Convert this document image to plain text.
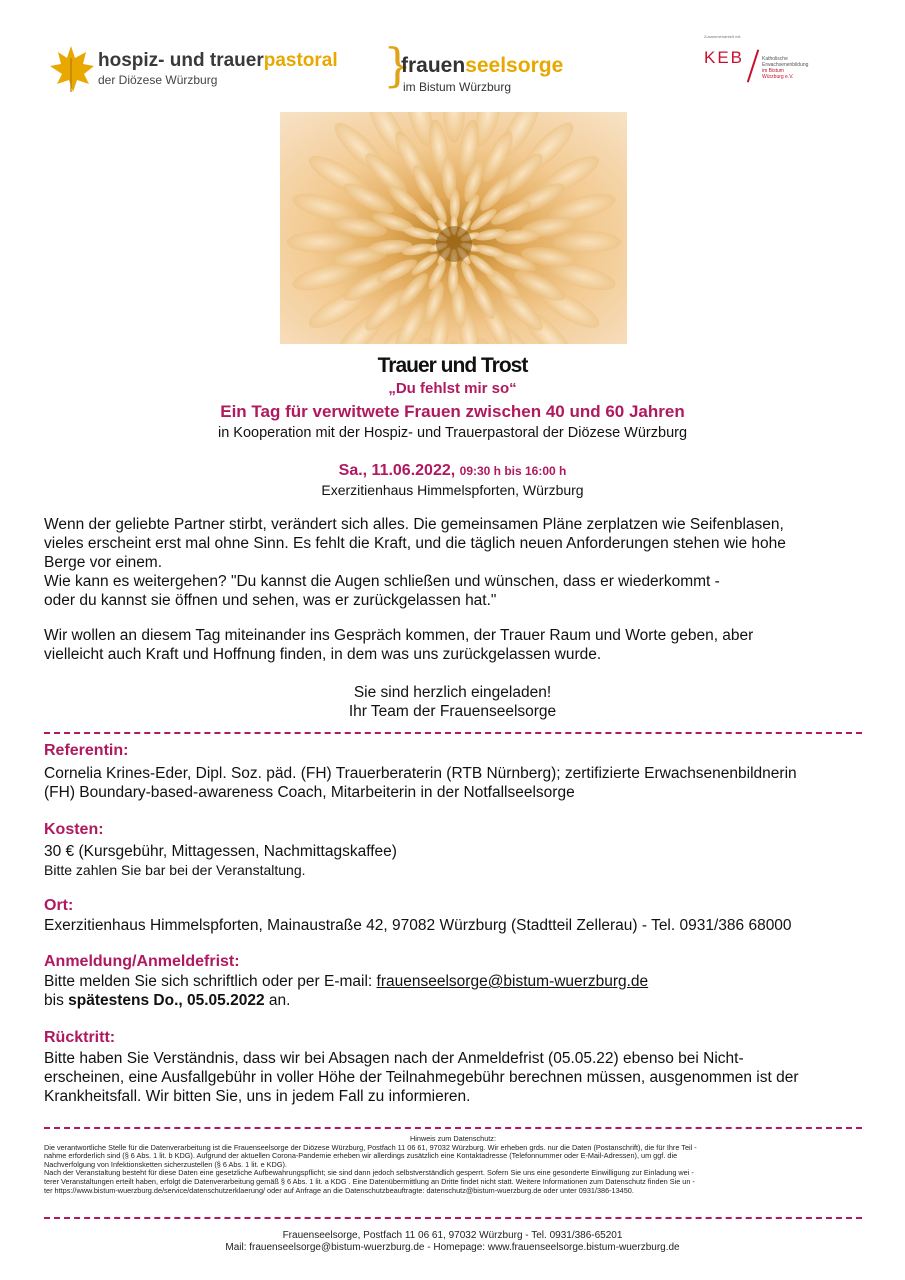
hospiz- und trauerpastoral
der Diözese Würzburg	}
frauenseelsorge
im Bistum Würzburg
Zusammenarbeit mit
KEB	Katholische
Erwachsenenbildung
im Bistum
Würzburg e.V.
Trauer und Trost
„Du fehlst mir so“
Ein Tag für verwitwete Frauen zwischen 40 und 60 Jahren
in Kooperation mit der Hospiz- und Trauerpastoral der Diözese Würzburg
Sa., 11.06.2022, 09:30 h bis 16:00 h
Exerzitienhaus Himmelspforten, Würzburg
Wenn der geliebte Partner stirbt, verändert sich alles. Die gemeinsamen Pläne zerplatzen wie Seifenblasen,
vieles erscheint erst mal ohne Sinn. Es fehlt die Kraft, und die täglich neuen Anforderungen stehen wie hohe
Berge vor einem.
Wie kann es weitergehen? "Du kannst die Augen schließen und wünschen, dass er wiederkommt -
oder du kannst sie öffnen und sehen, was er zurückgelassen hat."
Wir wollen an diesem Tag miteinander ins Gespräch kommen, der Trauer Raum und Worte geben, aber
vielleicht auch Kraft und Hoffnung finden, in dem was uns zurückgelassen wurde.
Sie sind herzlich eingeladen!
Ihr Team der Frauenseelsorge
Referentin:
Cornelia Krines-Eder, Dipl. Soz. päd. (FH) Trauerberaterin (RTB Nürnberg); zertifizierte Erwachsenenbildnerin
(FH) Boundary-based-awareness Coach, Mitarbeiterin in der Notfallseelsorge
Kosten:
30 € (Kursgebühr, Mittagessen, Nachmittagskaffee)
Bitte zahlen Sie bar bei der Veranstaltung.
Ort:
Exerzitienhaus Himmelspforten, Mainaustraße 42, 97082 Würzburg (Stadtteil Zellerau) - Tel. 0931/386 68000
Anmeldung/Anmeldefrist:
Bitte melden Sie sich schriftlich oder per E-mail: frauenseelsorge@bistum-wuerzburg.de
bis spätestens Do., 05.05.2022 an.
Rücktritt:
Bitte haben Sie Verständnis, dass wir bei Absagen nach der Anmeldefrist (05.05.22) ebenso bei Nicht-
erscheinen, eine Ausfallgebühr in voller Höhe der Teilnahmegebühr berechnen müssen, ausgenommen ist der
Krankheitsfall. Wir bitten Sie, uns in jedem Fall zu informieren.
Hinweis zum Datenschutz:
Die verantwortliche Stelle für die Datenverarbeitung ist die Frauenseelsorge der Diözese Würzburg, Postfach 11 06 61, 97032 Würzburg. Wir erheben grds. nur die Daten (Postanschrift), die für Ihre Teil -
nahme erforderlich sind (§ 6 Abs. 1 lit. b KDG). Aufgrund der aktuellen Corona-Pandemie erheben wir allerdings zusätzlich eine Kontaktadresse (Telefonnummer oder E-Mail-Adressen), um ggf. die
Nachverfolgung von Infektionsketten sicherzustellen (§ 6 Abs. 1 lit. e KDG).
Nach der Veranstaltung besteht für diese Daten eine gesetzliche Aufbewahrungspflicht; sie sind dann jedoch selbstverständlich gesperrt. Sofern Sie uns eine gesonderte Einwilligung zur Einladung wei -
terer Veranstaltungen erteilt haben, erfolgt die Datenverarbeitung gemäß § 6 Abs. 1 lit. a KDG . Eine Datenübermittlung an Dritte findet nicht statt. Weitere Informationen zum Datenschutz finden Sie un -
ter https://www.bistum-wuerzburg.de/service/datenschutzerklaerung/ oder auf Anfrage an die Datenschutzbeauftragte: datenschutz@bistum-wuerzburg.de oder unter 0931/386-13450.
Frauenseelsorge, Postfach 11 06 61, 97032 Würzburg - Tel. 0931/386-65201
Mail: frauenseelsorge@bistum-wuerzburg.de - Homepage: www.frauenseelsorge.bistum-wuerzburg.de
